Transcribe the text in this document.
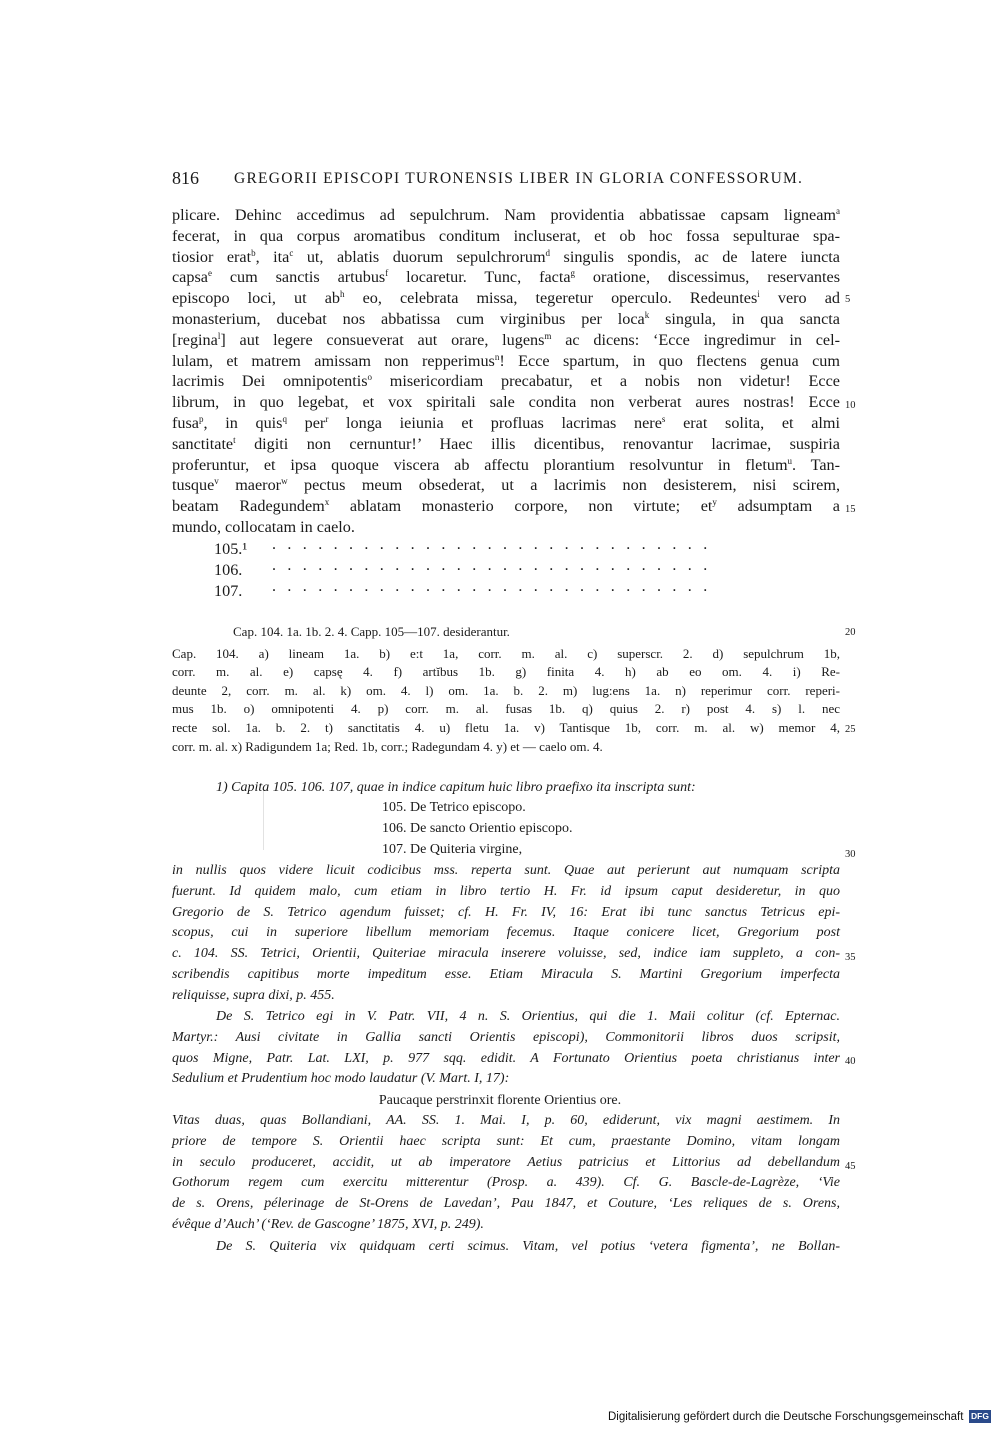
816 GREGORII EPISCOPI TURONENSIS LIBER IN GLORIA CONFESSORUM.
plicare. Dehinc accedimus ad sepulchrum. Nam providentia abbatissae capsam ligneam$^a$
fecerat, in qua corpus aromatibus conditum incluserat, et ob hoc fossa sepulturae spa-
tiosior erat$^b$, ita$^c$ ut, ablatis duorum sepulchrorum$^d$ singulis spondis, ac de latere iuncta
capsa$^e$ cum sanctis artubus$^f$ locaretur. Tunc, facta$^g$ oratione, discessimus, reservantes
episcopo loci, ut $ab^h$ eo, celebrata missa, tegeretur operculo. Redeuntes$^i$ vero ad
monasterium, ducebat nos abbatissa cum virginibus per loca$^k$ singula, in qua sancta
[regina$^l$] aut legere consueverat aut orare, lugens$^m$ ac dicens: ‘Ecce ingredimur in cel-
lulam, et matrem amissam non repperimus$^n$! Ecce spartum, in quo flectens genua cum
lacrimis Dei omnipotentis$^o$ misericordiam precabatur, et a nobis non videtur! Ecce
librum, in quo legebat, et vox spiritali sale condita non verberat aures nostras! Ecce
fusa$^p$, in quis$^q$ per$^r$ longa ieiunia et profluas lacrimas nere$^s$ erat solita, et almi
sanctitate$^t$ digiti non cernuntur!’ Haec illis dicentibus, renovantur lacrimae, suspiria
proferuntur, et ipsa quoque viscera ab affectu plorantium resolvuntur in fletum$^u$. Tan-
tusque$^v$ maeror$^w$ pectus meum obsederat, ut a lacrimis non desisterem, nisi scirem,
beatam Radegundem$^x$ ablatam monasterio corpore, non virtute; $et^y$ adsumptam a
mundo, collocatam in caelo.
5
10
15
20
25
30
35
40
45
105.¹ .............................
106. .............................
107. .............................
Cap. 104. 1a. 1b. 2. 4. Capp. 105—107. desiderantur.
Cap. 104. a) lineam 1a. b) e:t 1a, corr. m. al. c) superscr. 2. d) sepulchrum 1b,
corr. m. al. e) capsę 4. f) artĭbus 1b. g) finita 4. h) ab eo om. 4. i) Re-
deunte 2, corr. m. al. k) om. 4. l) om. 1a. b. 2. m) lug:ens 1a. n) reperimur corr. reperi-
mus 1b. o) omnipotenti 4. p) corr. m. al. fusas 1b. q) quius 2. r) post 4. s) l. nec
recte sol. 1a. b. 2. t) sanctitatis 4. u) fletu 1a. v) Tantisque 1b, corr. m. al. w) memor 4,
corr. m. al. x) Radigundem 1a; Red. 1b, corr.; Radegundam 4. y) et — caelo om. 4.
1) Capita 105. 106. 107, quae in indice capitum huic libro praefixo ita inscripta sunt:
105. De Tetrico episcopo.
106. De sancto Orientio episcopo.
107. De Quiteria virgine,
in nullis quos videre licuit codicibus mss. reperta sunt. Quae aut perierunt aut numquam scripta
fuerunt. Id quidem malo, cum etiam in libro tertio H. Fr. id ipsum caput desideretur, in quo
Gregorio de S. Tetrico agendum fuisset; cf. H. Fr. IV, 16: Erat ibi tunc sanctus Tetricus epi-
scopus, cui in superiore libellum memoriam fecemus. Itaque conicere licet, Gregorium post
c. 104. SS. Tetrici, Orientii, Quiteriae miracula inserere voluisse, sed, indice iam suppleto, a con-
scribendis capitibus morte impeditum esse. Etiam Miracula S. Martini Gregorium imperfecta
reliquisse, supra dixi, p. 455.
De S. Tetrico egi in V. Patr. VII, 4 n. S. Orientius, qui die 1. Maii colitur (cf. Epternac.
Martyr.: Ausi civitate in Gallia sancti Orientis episcopi), Commonitorii libros duos scripsit,
quos Migne, Patr. Lat. LXI, p. 977 sqq. edidit. A Fortunato Orientius poeta christianus inter
Sedulium et Prudentium hoc modo laudatur (V. Mart. I, 17):
Paucaque perstrinxit florente Orientius ore.
Vitas duas, quas Bollandiani, AA. SS. 1. Mai. I, p. 60, ediderunt, vix magni aestimem. In
priore de tempore S. Orientii haec scripta sunt: Et cum, praestante Domino, vitam longam
in seculo produceret, accidit, ut ab imperatore Aetius patricius et Littorius ad debellandum
Gothorum regem cum exercitu mitterentur (Prosp. a. 439). Cf. G. Bascle-de-Lagrèze, ‘Vie
de s. Orens, pélerinage de St-Orens de Lavedan’, Pau 1847, et Couture, ‘Les reliques de s. Orens,
évêque d’Auch’ (‘Rev. de Gascogne’ 1875, XVI, p. 249).
De S. Quiteria vix quidquam certi scimus. Vitam, vel potius ‘vetera figmenta’, ne Bollan-
Digitalisierung gefördert durch die Deutsche Forschungsgemeinschaft DFG
